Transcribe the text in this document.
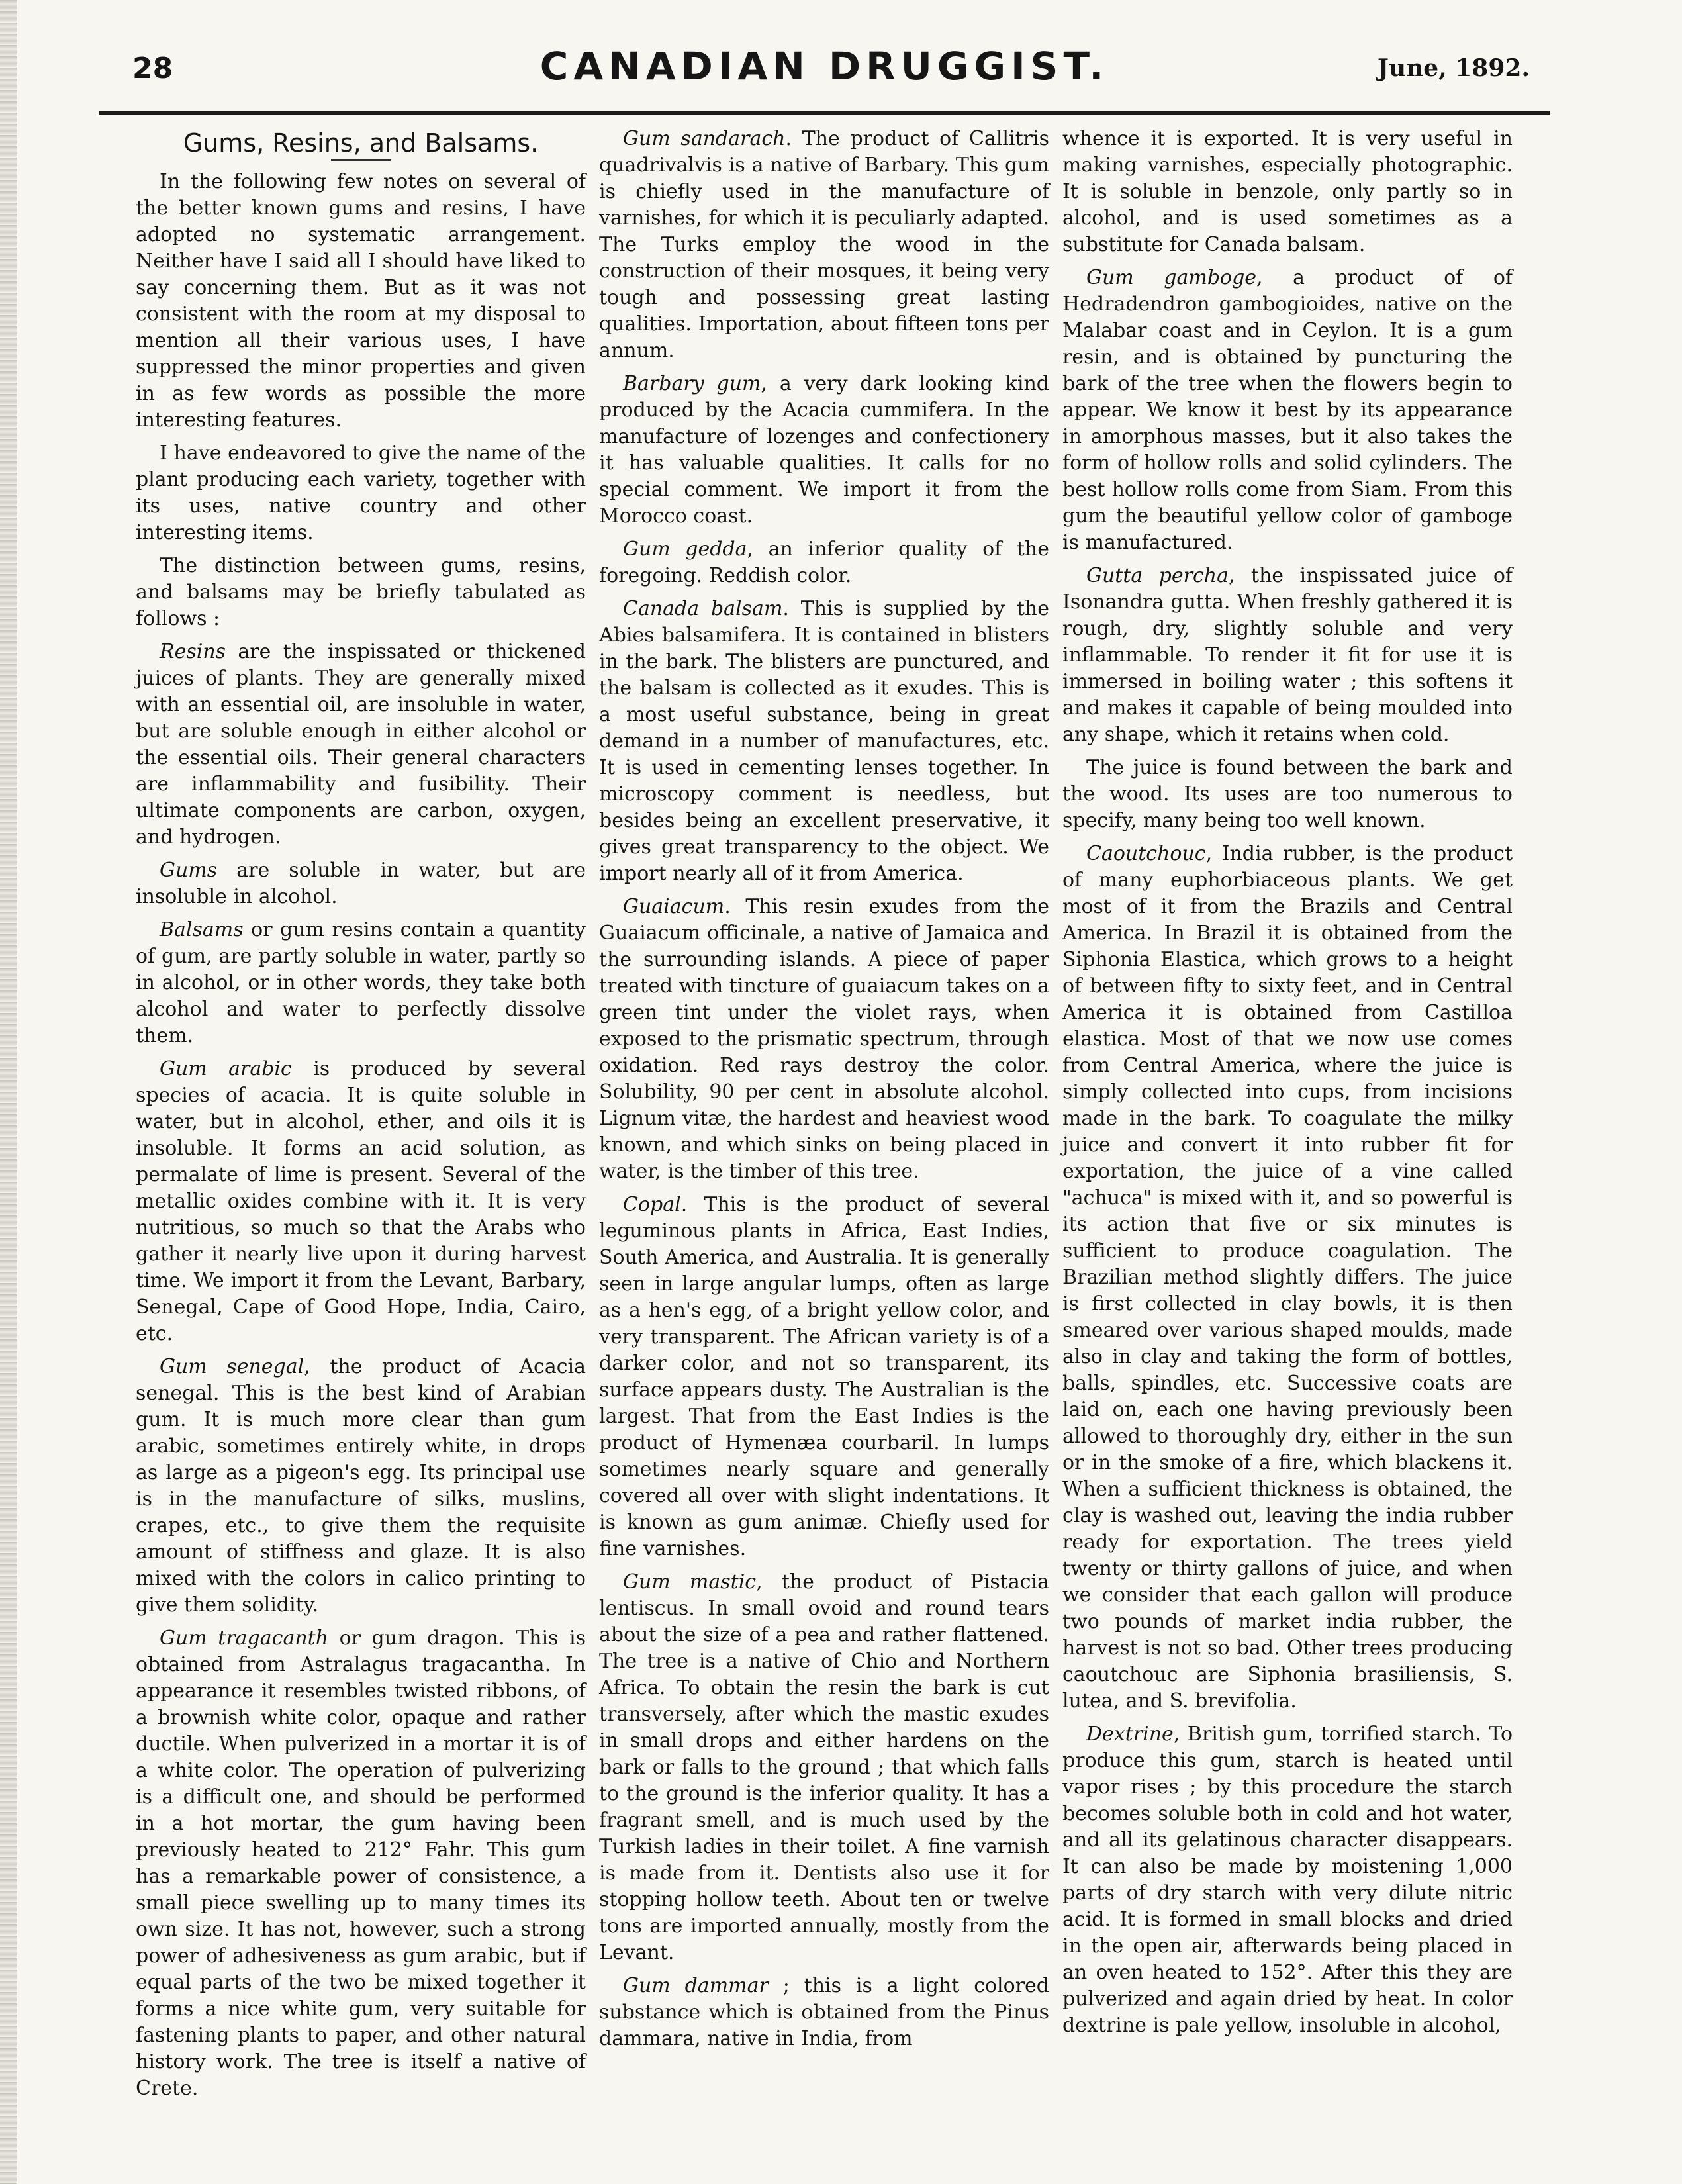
28	CANADIAN DRUGGIST.	June, 1892.
Gums, Resins, and Balsams.

In the following few notes on several of the better known gums and resins, I have adopted no systematic arrangement. Neither have I said all I should have liked to say concerning them. But as it was not consistent with the room at my disposal to mention all their various uses, I have suppressed the minor properties and given in as few words as possible the more interesting features.

I have endeavored to give the name of the plant producing each variety, together with its uses, native country and other interesting items.

The distinction between gums, resins, and balsams may be briefly tabulated as follows :

Resins are the inspissated or thickened juices of plants. They are generally mixed with an essential oil, are insoluble in water, but are soluble enough in either alcohol or the essential oils. Their general characters are inflammability and fusibility. Their ultimate components are carbon, oxygen, and hydrogen.

Gums are soluble in water, but are insoluble in alcohol.

Balsams or gum resins contain a quantity of gum, are partly soluble in water, partly so in alcohol, or in other words, they take both alcohol and water to perfectly dissolve them.

Gum arabic is produced by several species of acacia. It is quite soluble in water, but in alcohol, ether, and oils it is insoluble. It forms an acid solution, as permalate of lime is present. Several of the metallic oxides combine with it. It is very nutritious, so much so that the Arabs who gather it nearly live upon it during harvest time. We import it from the Levant, Barbary, Senegal, Cape of Good Hope, India, Cairo, etc.

Gum senegal, the product of Acacia senegal. This is the best kind of Arabian gum. It is much more clear than gum arabic, sometimes entirely white, in drops as large as a pigeon's egg. Its principal use is in the manufacture of silks, muslins, crapes, etc., to give them the requisite amount of stiffness and glaze. It is also mixed with the colors in calico printing to give them solidity.

Gum tragacanth or gum dragon. This is obtained from Astralagus tragacantha. In appearance it resembles twisted ribbons, of a brownish white color, opaque and rather ductile. When pulverized in a mortar it is of a white color. The operation of pulverizing is a difficult one, and should be performed in a hot mortar, the gum having been previously heated to 212° Fahr. This gum has a remarkable power of consistence, a small piece swelling up to many times its own size. It has not, however, such a strong power of adhesiveness as gum arabic, but if equal parts of the two be mixed together it forms a nice white gum, very suitable for fastening plants to paper, and other natural history work. The tree is itself a native of Crete.

Gum sandarach. The product of Callitris quadrivalvis is a native of Barbary. This gum is chiefly used in the manufacture of varnishes, for which it is peculiarly adapted. The Turks employ the wood in the construction of their mosques, it being very tough and possessing great lasting qualities. Importation, about fifteen tons per annum.

Barbary gum, a very dark looking kind produced by the Acacia cummifera. In the manufacture of lozenges and confectionery it has valuable qualities. It calls for no special comment. We import it from the Morocco coast.

Gum gedda, an inferior quality of the foregoing. Reddish color.

Canada balsam. This is supplied by the Abies balsamifera. It is contained in blisters in the bark. The blisters are punctured, and the balsam is collected as it exudes. This is a most useful substance, being in great demand in a number of manufactures, etc. It is used in cementing lenses together. In microscopy comment is needless, but besides being an excellent preservative, it gives great transparency to the object. We import nearly all of it from America.

Guaiacum. This resin exudes from the Guaiacum officinale, a native of Jamaica and the surrounding islands. A piece of paper treated with tincture of guaiacum takes on a green tint under the violet rays, when exposed to the prismatic spectrum, through oxidation. Red rays destroy the color. Solubility, 90 per cent in absolute alcohol. Lignum vitæ, the hardest and heaviest wood known, and which sinks on being placed in water, is the timber of this tree.

Copal. This is the product of several leguminous plants in Africa, East Indies, South America, and Australia. It is generally seen in large angular lumps, often as large as a hen's egg, of a bright yellow color, and very transparent. The African variety is of a darker color, and not so transparent, its surface appears dusty. The Australian is the largest. That from the East Indies is the product of Hymenæa courbaril. In lumps sometimes nearly square and generally covered all over with slight indentations. It is known as gum animæ. Chiefly used for fine varnishes.

Gum mastic, the product of Pistacia lentiscus. In small ovoid and round tears about the size of a pea and rather flattened. The tree is a native of Chio and Northern Africa. To obtain the resin the bark is cut transversely, after which the mastic exudes in small drops and either hardens on the bark or falls to the ground ; that which falls to the ground is the inferior quality. It has a fragrant smell, and is much used by the Turkish ladies in their toilet. A fine varnish is made from it. Dentists also use it for stopping hollow teeth. About ten or twelve tons are imported annually, mostly from the Levant.

Gum dammar ; this is a light colored substance which is obtained from the Pinus dammara, native in India, from

whence it is exported. It is very useful in making varnishes, especially photographic. It is soluble in benzole, only partly so in alcohol, and is used sometimes as a substitute for Canada balsam.

Gum gamboge, a product of of Hedradendron gambogioides, native on the Malabar coast and in Ceylon. It is a gum resin, and is obtained by puncturing the bark of the tree when the flowers begin to appear. We know it best by its appearance in amorphous masses, but it also takes the form of hollow rolls and solid cylinders. The best hollow rolls come from Siam. From this gum the beautiful yellow color of gamboge is manufactured.

Gutta percha, the inspissated juice of Isonandra gutta. When freshly gathered it is rough, dry, slightly soluble and very inflammable. To render it fit for use it is immersed in boiling water ; this softens it and makes it capable of being moulded into any shape, which it retains when cold.

The juice is found between the bark and the wood. Its uses are too numerous to specify, many being too well known.

Caoutchouc, India rubber, is the product of many euphorbiaceous plants. We get most of it from the Brazils and Central America. In Brazil it is obtained from the Siphonia Elastica, which grows to a height of between fifty to sixty feet, and in Central America it is obtained from Castilloa elastica. Most of that we now use comes from Central America, where the juice is simply collected into cups, from incisions made in the bark. To coagulate the milky juice and convert it into rubber fit for exportation, the juice of a vine called "achuca" is mixed with it, and so powerful is its action that five or six minutes is sufficient to produce coagulation. The Brazilian method slightly differs. The juice is first collected in clay bowls, it is then smeared over various shaped moulds, made also in clay and taking the form of bottles, balls, spindles, etc. Successive coats are laid on, each one having previously been allowed to thoroughly dry, either in the sun or in the smoke of a fire, which blackens it. When a sufficient thickness is obtained, the clay is washed out, leaving the india rubber ready for exportation. The trees yield twenty or thirty gallons of juice, and when we consider that each gallon will produce two pounds of market india rubber, the harvest is not so bad. Other trees producing caoutchouc are Siphonia brasiliensis, S. lutea, and S. brevifolia.

Dextrine, British gum, torrified starch. To produce this gum, starch is heated until vapor rises ; by this procedure the starch becomes soluble both in cold and hot water, and all its gelatinous character disappears. It can also be made by moistening 1,000 parts of dry starch with very dilute nitric acid. It is formed in small blocks and dried in the open air, afterwards being placed in an oven heated to 152°. After this they are pulverized and again dried by heat. In color dextrine is pale yellow, insoluble in alcohol,
